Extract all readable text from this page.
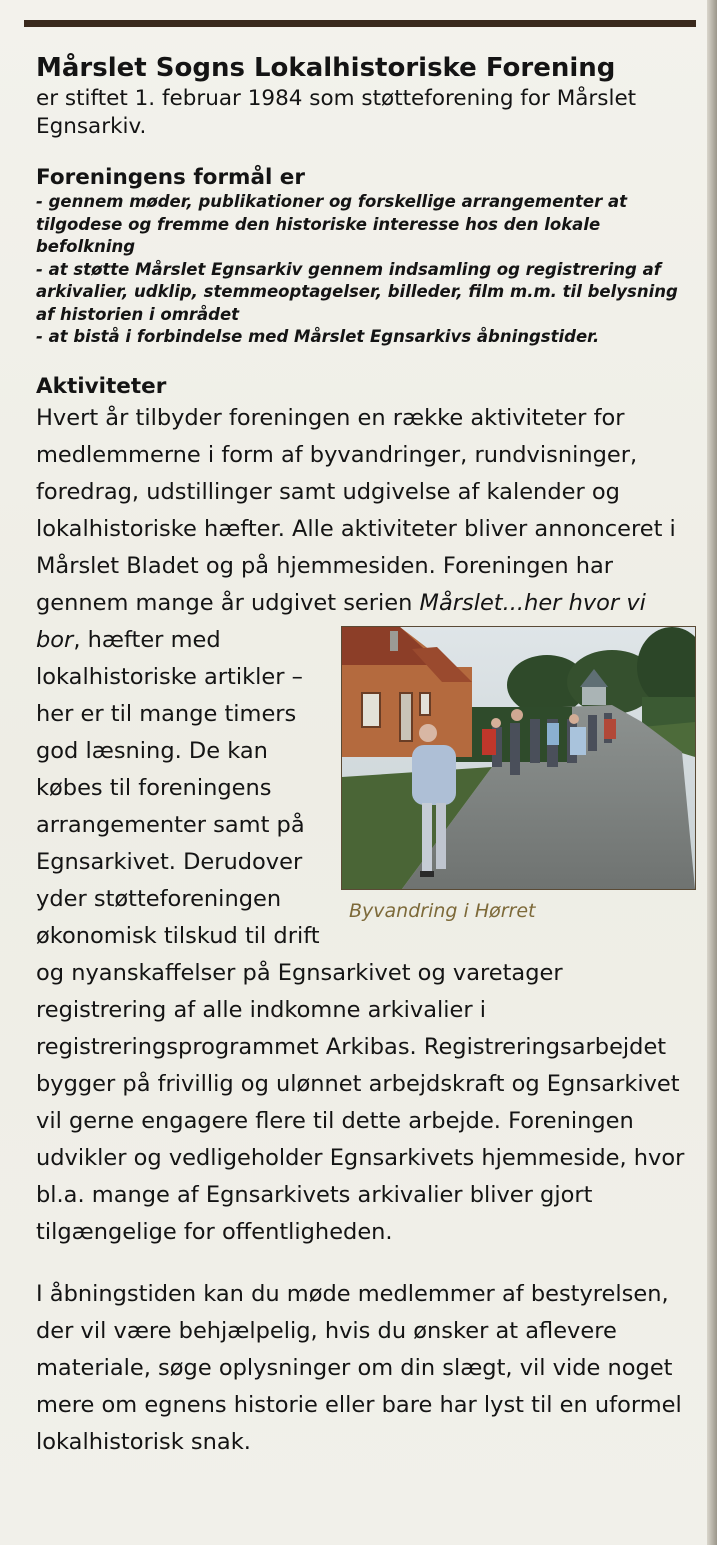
Mårslet Sogns Lokalhistoriske Forening

er stiftet 1. februar 1984 som støtteforening for Mårslet Egnsarkiv.

Foreningens formål er
- gennem møder, publikationer og forskellige arrangementer at tilgodese og fremme den historiske interesse hos den lokale befolkning
- at støtte Mårslet Egnsarkiv gennem indsamling og registrering af arkivalier, udklip, stemmeoptagelser, billeder, film m.m. til belysning af historien i området
- at bistå i forbindelse med Mårslet Egnsarkivs åbningstider.
Aktiviteter

Hvert år tilbyder foreningen en række aktiviteter for medlemmerne i form af byvandringer, rundvisninger, foredrag, udstillinger samt udgivelse af kalender og lokalhistoriske hæfter. Alle aktiviteter bliver annonceret i Mårslet Bladet og på hjemmesiden. Foreningen har gennem mange år udgivet serien Mårslet...her hvor vi bor
Byvandring i Hørret
, hæfter med lokalhistoriske artikler – her er til mange timers god læsning. De kan købes til foreningens arrangementer samt på Egnsarkivet. Derudover yder støtteforeningen økonomisk tilskud til drift og nyanskaffelser på Egnsarkivet og varetager registrering af alle indkomne arkivalier i registreringsprogrammet Arkibas. Registreringsarbejdet bygger på frivillig og ulønnet arbejdskraft og Egnsarkivet vil gerne engagere flere til dette arbejde. Foreningen udvikler og vedligeholder Egnsarkivets hjemmeside, hvor bl.a. mange af Egnsarkivets arkivalier bliver gjort tilgængelige for offentligheden.

I åbningstiden kan du møde medlemmer af bestyrelsen, der vil være behjælpelig, hvis du ønsker at aflevere materiale, søge oplysninger om din slægt, vil vide noget mere om egnens historie eller bare har lyst til en uformel lokalhistorisk snak.
